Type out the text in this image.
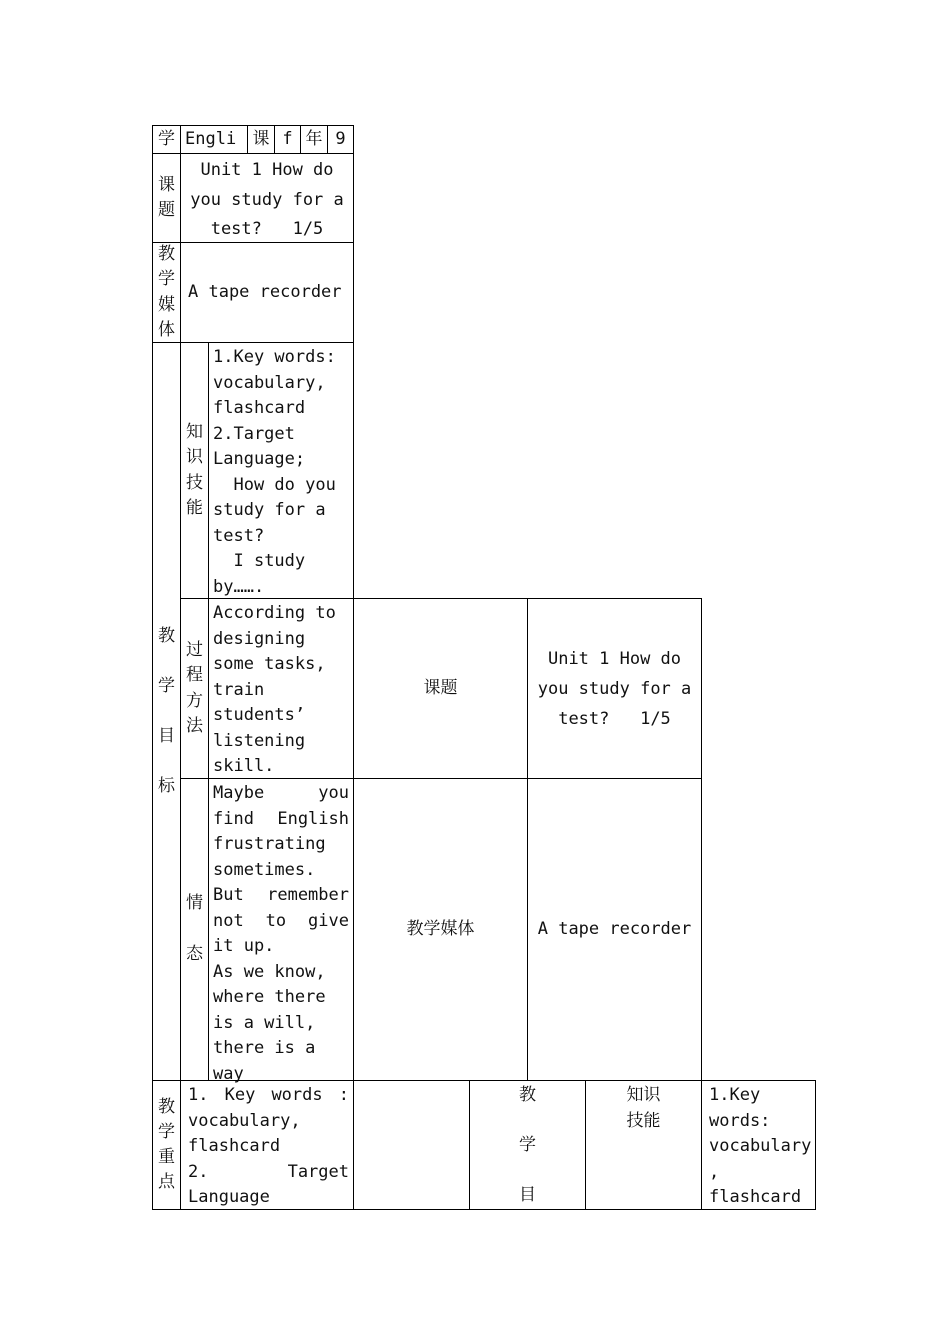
学 Engli 课 f 年 9
课
题
Unit 1 How do
you study for a
test?   1/5
教
学
媒
体
A tape recorder
教

学

目

标
知
识
技
能
1.Key words:
vocabulary,
flashcard
2.Target
Language;
How do you
study for a
test?
I study
by…….
过
程
方
法
According to
designing
some tasks,
train
students’
listening
skill.
情

态
Maybe you find English frustrating sometimes. But remember not to give it up.
As we know,
where there
is a will,
there is a
way
课题
Unit 1 How do
you study for a
test?   1/5
教学媒体	A tape recorder
教
学
重
点
1. Key words : vocabulary, flashcard
2. Target Language
教

学

目
知识
技能
1.Key
words:
vocabulary
,
flashcard
